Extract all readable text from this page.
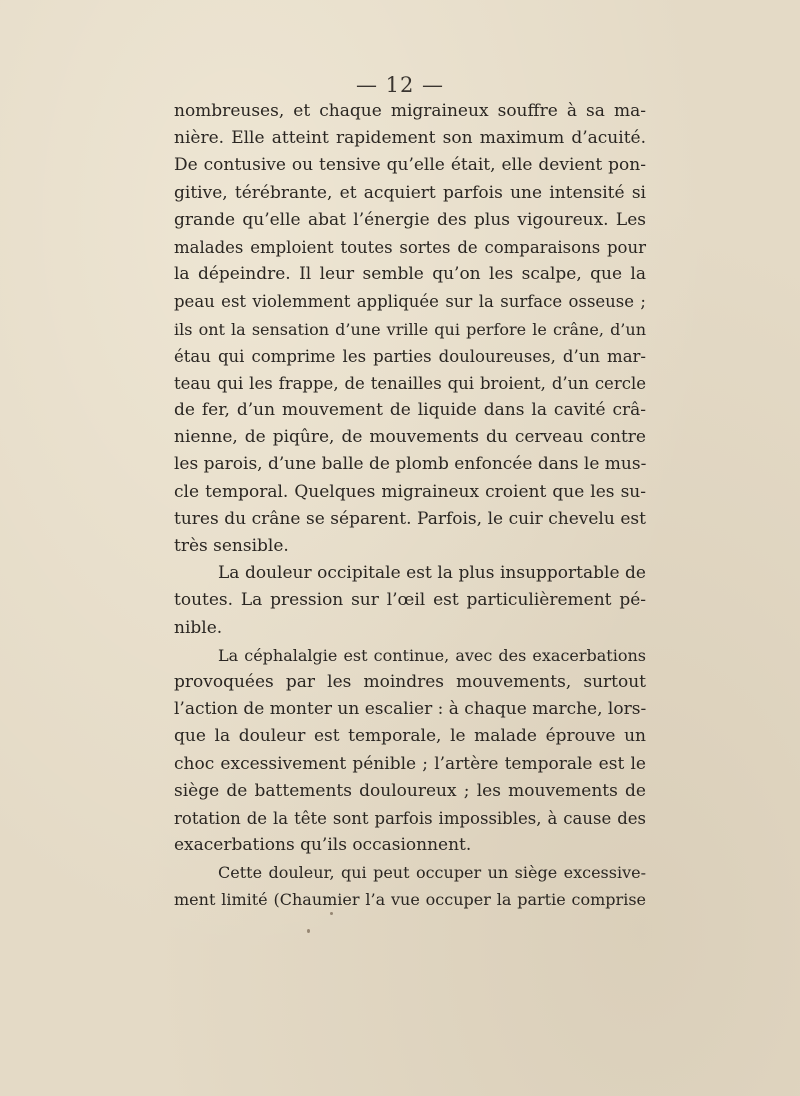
— 12 —
nombreuses, et chaque migraineux souffre à sa ma-
nière. Elle atteint rapidement son maximum d’acuité.
De contusive ou tensive qu’elle était, elle devient pon-
gitive, térébrante, et acquiert parfois une intensité si
grande qu’elle abat l’énergie des plus vigoureux. Les
malades emploient toutes sortes de comparaisons pour
la dépeindre. Il leur semble qu’on les scalpe, que la
peau est violemment appliquée sur la surface osseuse ;
ils ont la sensation d’une vrille qui perfore le crâne, d’un
étau qui comprime les parties douloureuses, d’un mar-
teau qui les frappe, de tenailles qui broient, d’un cercle
de fer, d’un mouvement de liquide dans la cavité crâ-
nienne, de piqûre, de mouvements du cerveau contre
les parois, d’une balle de plomb enfoncée dans le mus-
cle temporal. Quelques migraineux croient que les su-
tures du crâne se séparent. Parfois, le cuir chevelu est
très sensible.
La douleur occipitale est la plus insupportable de
toutes. La pression sur l’œil est particulièrement pé-
nible.
La céphalalgie est continue, avec des exacerbations
provoquées par les moindres mouvements, surtout
l’action de monter un escalier : à chaque marche, lors-
que la douleur est temporale, le malade éprouve un
choc excessivement pénible ; l’artère temporale est le
siège de battements douloureux ; les mouvements de
rotation de la tête sont parfois impossibles, à cause des
exacerbations qu’ils occasionnent.
Cette douleur, qui peut occuper un siège excessive-
ment limité (Chaumier l’a vue occuper la partie comprise
